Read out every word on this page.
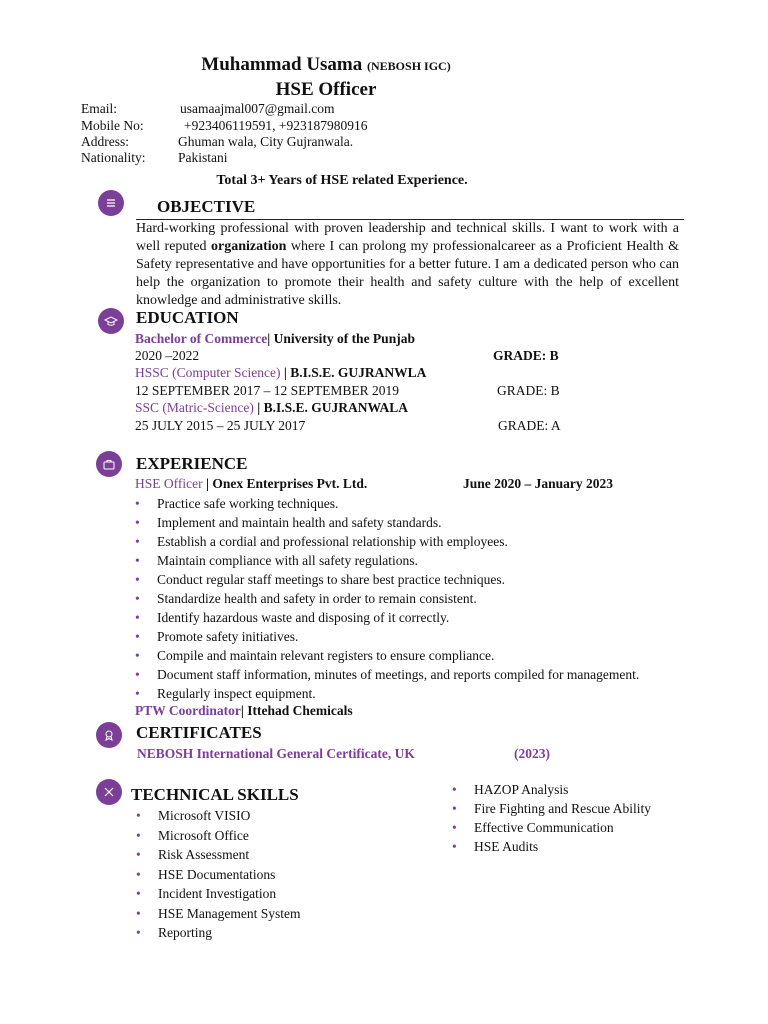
Muhammad Usama (NEBOSH IGC)
HSE Officer
Email:	usamaajmal007@gmail.com
Mobile No:	+923406119591, +923187980916
Address:	Ghuman wala, City Gujranwala.
Nationality: Pakistani
Total 3+ Years of HSE related Experience.
OBJECTIVE
Hard-working professional with proven leadership and technical skills. I want to work with a well reputed organization where I can prolong my professionalcareer as a Proficient Health & Safety representative and have opportunities for a better future. I am a dedicated person who can help the organization to promote their health and safety culture with the help of excellent knowledge and administrative skills.
EDUCATION
Bachelor of Commerce| University of the Punjab
2020 –2022	GRADE: B
HSSC (Computer Science) | B.I.S.E. GUJRANWLA
12 SEPTEMBER 2017 – 12 SEPTEMBER 2019	GRADE: B
SSC (Matric-Science) | B.I.S.E. GUJRANWALA
25 JULY 2015 – 25 JULY 2017	GRADE: A
EXPERIENCE
HSE Officer | Onex Enterprises Pvt. Ltd.	June 2020 – January 2023
• Practice safe working techniques.
• Implement and maintain health and safety standards.
• Establish a cordial and professional relationship with employees.
• Maintain compliance with all safety regulations.
• Conduct regular staff meetings to share best practice techniques.
• Standardize health and safety in order to remain consistent.
• Identify hazardous waste and disposing of it correctly.
• Promote safety initiatives.
• Compile and maintain relevant registers to ensure compliance.
• Document staff information, minutes of meetings, and reports compiled for management.
• Regularly inspect equipment.
PTW Coordinator| Ittehad Chemicals
CERTIFICATES
NEBOSH International General Certificate, UK	(2023)
TECHNICAL SKILLS
• Microsoft VISIO
• Microsoft Office
• Risk Assessment
• HSE Documentations
• Incident Investigation
• HSE Management System
• Reporting
• HAZOP Analysis
• Fire Fighting and Rescue Ability
• Effective Communication
• HSE Audits
